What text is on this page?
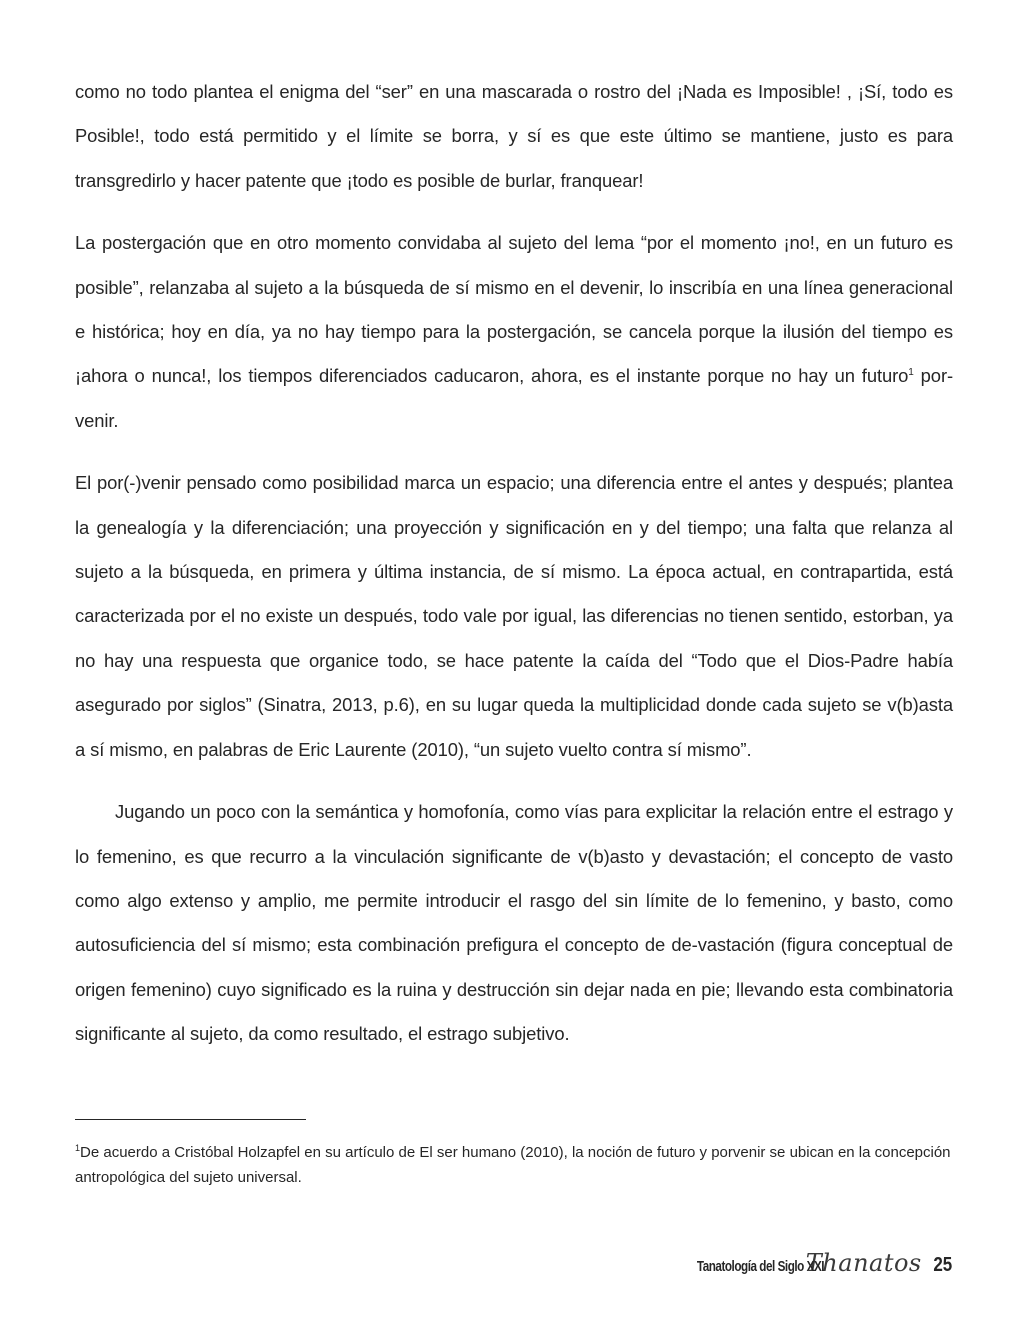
como no todo plantea el enigma del “ser” en una mascarada o rostro del ¡Nada es Imposible! , ¡Sí, todo es Posible!, todo está permitido y el límite se borra, y sí es que este último se mantiene, justo es para transgredirlo y hacer patente que ¡todo es posible de burlar, franquear!

La postergación que en otro momento convidaba al sujeto del lema “por el momento ¡no!, en un futuro es posible”, relanzaba al sujeto a la búsqueda de sí mismo en el devenir, lo inscribía en una línea generacional e histórica; hoy en día, ya no hay tiempo para la postergación, se cancela porque la ilusión del tiempo es ¡ahora o nunca!, los tiempos diferenciados caducaron, ahora, es el instante porque no hay un futuro$^1$ por-venir.

El por(-)venir pensado como posibilidad marca un espacio; una diferencia entre el antes y después; plantea la genealogía y la diferenciación; una proyección y significación en y del tiempo; una falta que relanza al sujeto a la búsqueda, en primera y última instancia, de sí mismo. La época actual, en contrapartida, está caracterizada por el no existe un después, todo vale por igual, las diferencias no tienen sentido, estorban, ya no hay una respuesta que organice todo, se hace patente la caída del “Todo que el Dios-Padre había asegurado por siglos” (Sinatra, 2013, p.6), en su lugar queda la multiplicidad donde cada sujeto se v(b)asta a sí mismo, en palabras de Eric Laurente (2010), “un sujeto vuelto contra sí mismo”.

Jugando un poco con la semántica y homofonía, como vías para explicitar la relación entre el estrago y lo femenino, es que recurro a la vinculación significante de v(b)asto y devastación; el concepto de vasto como algo extenso y amplio, me permite introducir el rasgo del sin límite de lo femenino, y basto, como autosuficiencia del sí mismo; esta combinación prefigura el concepto de de-vastación (figura conceptual de origen femenino) cuyo significado es la ruina y destrucción sin dejar nada en pie; llevando esta combinatoria significante al sujeto, da como resultado, el estrago subjetivo.

$^1$De acuerdo a Cristóbal Holzapfel en su artículo de El ser humano (2010), la noción de futuro y porvenir se ubican en la concepción antropológica del sujeto universal.

Tanatología del Siglo XXI
Thanatos 25
